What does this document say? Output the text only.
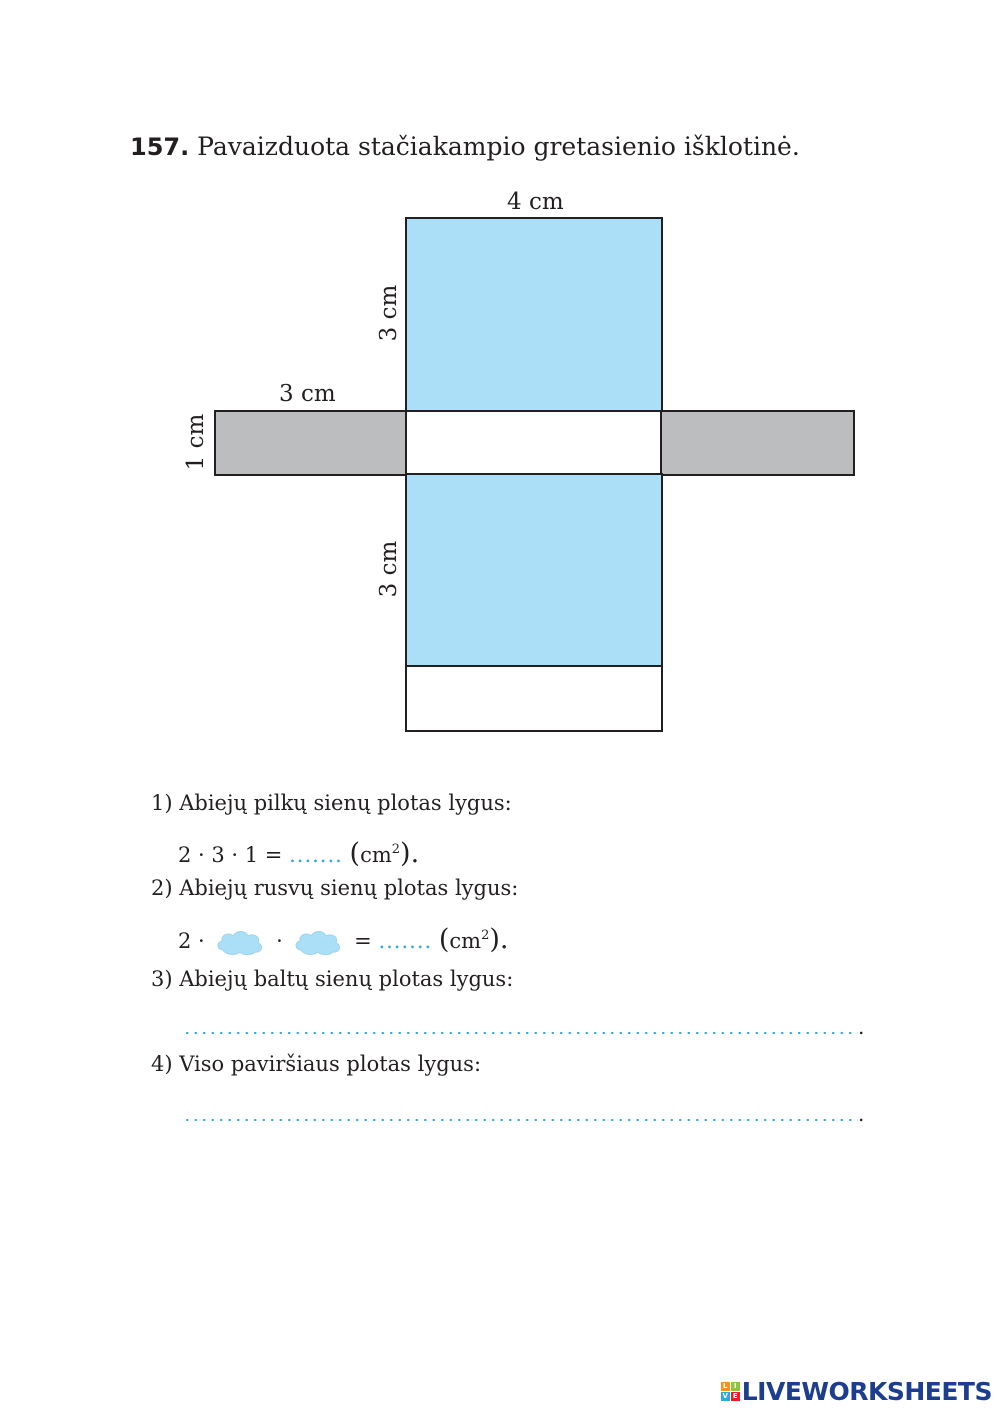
157. Pavaizduota stačiakampio gretasienio išklotinė.
4 cm
3 cm
3 cm
1 cm
3 cm
1) Abiejų pilkų sienų plotas lygus:
2 · 3 · 1 = ....... $(cm^2)$.
2) Abiejų rusvų sienų plotas lygus:
2 ·	·	= ....... $(cm^2)$.
3) Abiejų baltų sienų plotas lygus:
.
4) Viso paviršiaus plotas lygus:
.
L I
V E LIVEWORKSHEETS
